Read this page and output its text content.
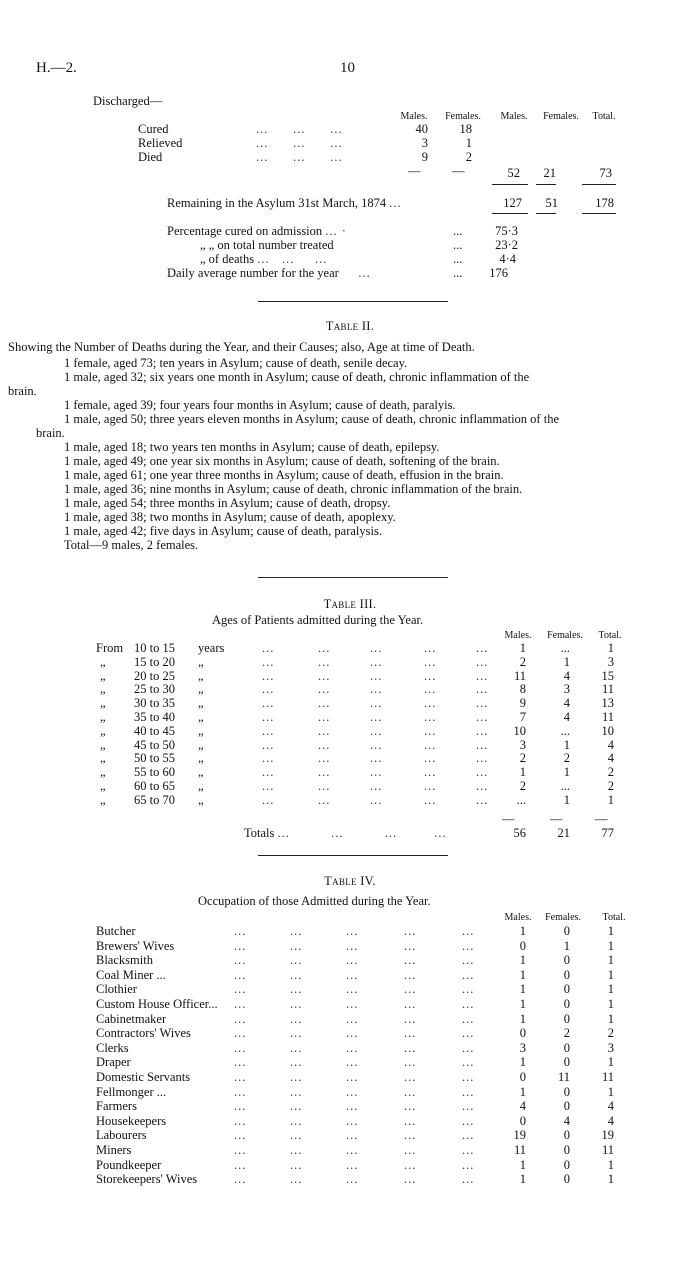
H.—2.	10
Discharged—
Males.	Females.	Males.	Females.	Total.
Cured	...      ...      ...	40	18
Relieved	...      ...      ...	3	1
Died	...      ...      ...	9	2
—	—	52	21	73
Remaining in the Asylum 31st March, 1874 ...	127	51	178
Percentage cured on admission ... ·	...	75·3
„ „ on total number treated	...	23·2
„ of deaths ...   ...     ...	...	4·4
Daily average number for the year     ...	...	176
Table II.
Showing the Number of Deaths during the Year, and their Causes; also, Age at time of Death.
1 female, aged 73; ten years in Asylum; cause of death, senile decay.
1 male, aged 32; six years one month in Asylum; cause of death, chronic inflammation of the
brain.
1 female, aged 39; four years four months in Asylum; cause of death, paralyis.
1 male, aged 50; three years eleven months in Asylum; cause of death, chronic inflammation of the
brain.
1 male, aged 18; two years ten months in Asylum; cause of death, epilepsy.
1 male, aged 49; one year six months in Asylum; cause of death, softening of the brain.
1 male, aged 61; one year three months in Asylum; cause of death, effusion in the brain.
1 male, aged 36; nine months in Asylum; cause of death, chronic inflammation of the brain.
1 male, aged 54; three months in Asylum; cause of death, dropsy.
1 male, aged 38; two months in Asylum; cause of death, apoplexy.
1 male, aged 42; five days in Asylum; cause of death, paralysis.
Total—9 males, 2 females.
Table III.
Ages of Patients admitted during the Year.
Males.	Females.	Total.
From 10 to 15 years	...	...	...	...	...	1	...	1
„ 15 to 20 „	...	...	...	...	...	2	1	3
„ 20 to 25 „	...	...	...	...	...	11	4	15
„ 25 to 30 „	...	...	...	...	...	8	3	11
„ 30 to 35 „	...	...	...	...	...	9	4	13
„ 35 to 40 „	...	...	...	...	...	7	4	11
„ 40 to 45 „	...	...	...	...	...	10	...	10
„ 45 to 50 „	...	...	...	...	...	3	1	4
„ 50 to 55 „	...	...	...	...	...	2	2	4
„ 55 to 60 „	...	...	...	...	...	1	1	2
„ 60 to 65 „	...	...	...	...	...	2	...	2
„ 65 to 70 „	...	...	...	...	...	...	1	1
—	—	—
Totals ...          ...          ...         ...	56	21	77
Table IV.
Occupation of those Admitted during the Year.
Males.	Females.	Total.
Butcher	...	...	...	...	...	1	0	1
Brewers' Wives	...	...	...	...	...	0	1	1
Blacksmith	...	...	...	...	...	1	0	1
Coal Miner ...	...	...	...	...	...	1	0	1
Clothier	...	...	...	...	...	1	0	1
Custom House Officer... ...	...	...	...	...	1	0	1
Cabinetmaker	...	...	...	...	...	1	0	1
Contractors' Wives	...	...	...	...	...	0	2	2
Clerks	...	...	...	...	...	3	0	3
Draper	...	...	...	...	...	1	0	1
Domestic Servants	...	...	...	...	...	0	11	11
Fellmonger ...	...	...	...	...	...	1	0	1
Farmers	...	...	...	...	...	4	0	4
Housekeepers	...	...	...	...	...	0	4	4
Labourers	...	...	...	...	...	19	0	19
Miners	...	...	...	...	...	11	0	11
Poundkeeper	...	...	...	...	...	1	0	1
Storekeepers' Wives	...	...	...	...	...	1	0	1
